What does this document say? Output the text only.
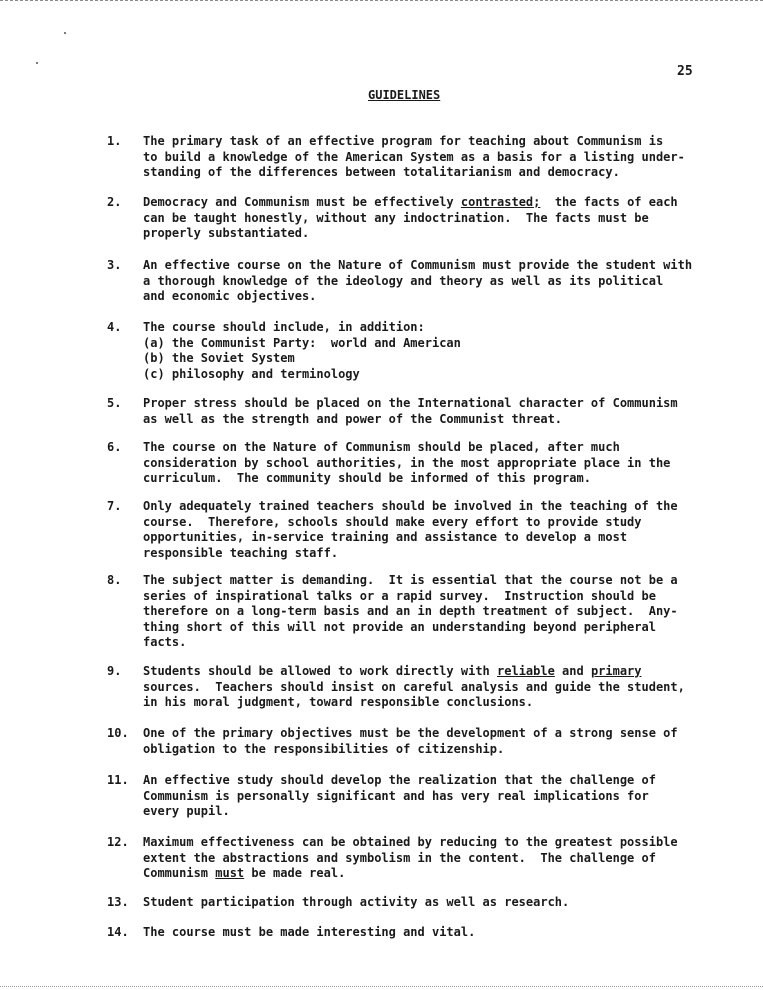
25
GUIDELINES
1.	The primary task of an effective program for teaching about Communism is
to build a knowledge of the American System as a basis for a listing under-
standing of the differences between totalitarianism and democracy.
2.	Democracy and Communism must be effectively contrasted;  the facts of each
can be taught honestly, without any indoctrination.  The facts must be
properly substantiated.
3.	An effective course on the Nature of Communism must provide the student with
a thorough knowledge of the ideology and theory as well as its political
and economic objectives.
4.	The course should include, in addition:
(a) the Communist Party:  world and American
(b) the Soviet System
(c) philosophy and terminology
5.	Proper stress should be placed on the International character of Communism
as well as the strength and power of the Communist threat.
6.	The course on the Nature of Communism should be placed, after much
consideration by school authorities, in the most appropriate place in the
curriculum.  The community should be informed of this program.
7.	Only adequately trained teachers should be involved in the teaching of the
course.  Therefore, schools should make every effort to provide study
opportunities, in-service training and assistance to develop a most
responsible teaching staff.
8.	The subject matter is demanding.  It is essential that the course not be a
series of inspirational talks or a rapid survey.  Instruction should be
therefore on a long-term basis and an in depth treatment of subject.  Any-
thing short of this will not provide an understanding beyond peripheral
facts.
9.	Students should be allowed to work directly with reliable and primary
sources.  Teachers should insist on careful analysis and guide the student,
in his moral judgment, toward responsible conclusions.
10.	One of the primary objectives must be the development of a strong sense of
obligation to the responsibilities of citizenship.
11.	An effective study should develop the realization that the challenge of
Communism is personally significant and has very real implications for
every pupil.
12.	Maximum effectiveness can be obtained by reducing to the greatest possible
extent the abstractions and symbolism in the content.  The challenge of
Communism must be made real.
13.	Student participation through activity as well as research.
14.	The course must be made interesting and vital.
